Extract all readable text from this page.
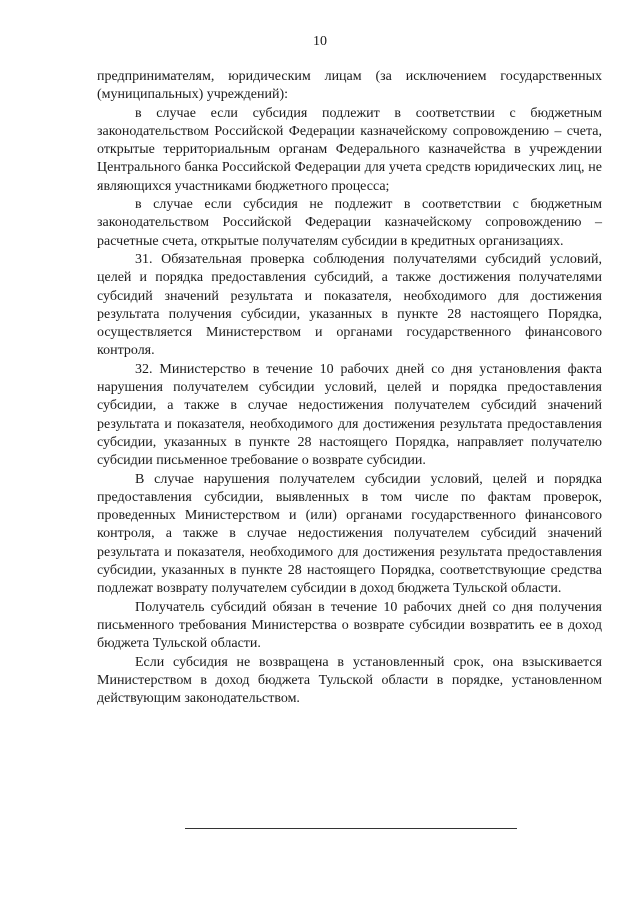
10

предпринимателям, юридическим лицам (за исключением государственных (муниципальных) учреждений):

в случае если субсидия подлежит в соответствии с бюджетным законодательством Российской Федерации казначейскому сопровождению – счета, открытые территориальным органам Федерального казначейства в учреждении Центрального банка Российской Федерации для учета средств юридических лиц, не являющихся участниками бюджетного процесса;

в случае если субсидия не подлежит в соответствии с бюджетным законодательством Российской Федерации казначейскому сопровождению – расчетные счета, открытые получателям субсидии в кредитных организациях.

31. Обязательная проверка соблюдения получателями субсидий условий, целей и порядка предоставления субсидий, а также достижения получателями субсидий значений результата и показателя, необходимого для достижения результата получения субсидии, указанных в пункте 28 настоящего Порядка, осуществляется Министерством и органами государственного финансового контроля.

32. Министерство в течение 10 рабочих дней со дня установления факта нарушения получателем субсидии условий, целей и порядка предоставления субсидии, а также в случае недостижения получателем субсидий значений результата и показателя, необходимого для достижения результата предоставления субсидии, указанных в пункте 28 настоящего Порядка, направляет получателю субсидии письменное требование о возврате субсидии.

В случае нарушения получателем субсидии условий, целей и порядка предоставления субсидии, выявленных в том числе по фактам проверок, проведенных Министерством и (или) органами государственного финансового контроля, а также в случае недостижения получателем субсидий значений результата и показателя, необходимого для достижения результата предоставления субсидии, указанных в пункте 28 настоящего Порядка, соответствующие средства подлежат возврату получателем субсидии в доход бюджета Тульской области.

Получатель субсидий обязан в течение 10 рабочих дней со дня получения письменного требования Министерства о возврате субсидии возвратить ее в доход бюджета Тульской области.

Если субсидия не возвращена в установленный срок, она взыскивается Министерством в доход бюджета Тульской области в порядке, установленном действующим законодательством.
